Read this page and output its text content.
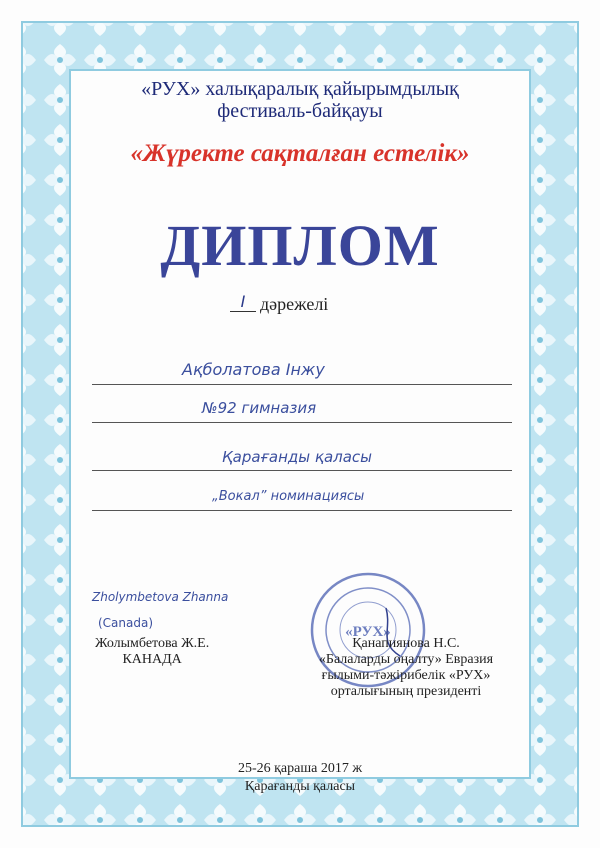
«РУХ» халықаралық қайырымдылық
фестиваль-байқауы
«Жүректе сақталған естелік»
ДИПЛОМ
I дәрежелі
Ақболатова Інжу
№92 гимназия
Қарағанды қаласы
„Вокал” номинациясы
Zholymbetova Zhanna
(Canada)
Жолымбетова Ж.Е.
КАНАДА
«РУХ»
Қанапиянова Н.С.
«Балаларды оңалту» Евразия
ғылыми-тәжірибелік «РУХ»
орталығының президенті
25-26 қараша 2017 ж
Қарағанды қаласы
